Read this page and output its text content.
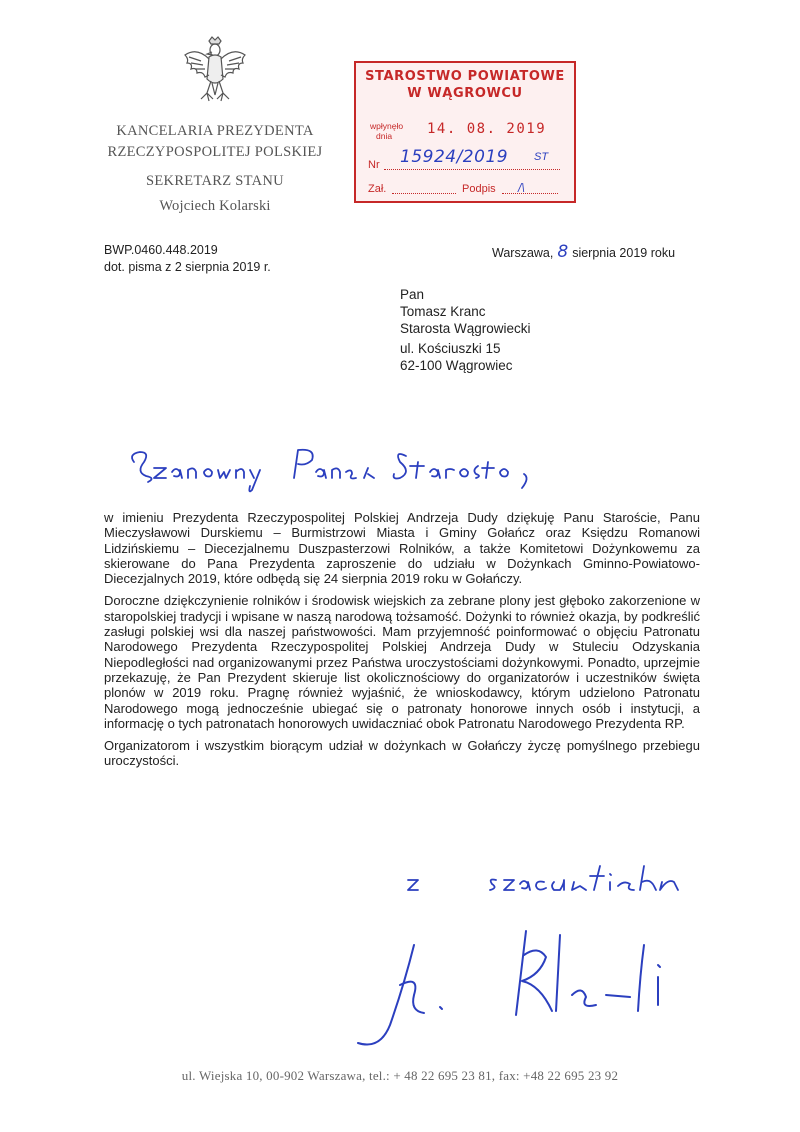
KANCELARIA PREZYDENTA
RZECZYPOSPOLITEJ POLSKIEJ
SEKRETARZ STANU
Wojciech Kolarski
STAROSTWO POWIATOWE
W WĄGROWCU
wpłynęło
dnia 14. 08. 2019
Nr 15924/2019 ST
Zał.	Podpis /\
BWP.0460.448.2019
dot. pisma z 2 sierpnia 2019 r.
Warszawa, 8 sierpnia 2019 roku
Pan
Tomasz Kranc
Starosta Wągrowiecki
ul. Kościuszki 15
62-100 Wągrowiec

w imieniu Prezydenta Rzeczypospolitej Polskiej Andrzeja Dudy dziękuję Panu Staroście, Panu Mieczysławowi Durskiemu – Burmistrzowi Miasta i Gminy Gołańcz oraz Księdzu Romanowi Lidzińskiemu – Diecezjalnemu Duszpasterzowi Rolników, a także Komitetowi Dożynkowemu za skierowane do Pana Prezydenta zaproszenie do udziału w Dożynkach Gminno-Powiatowo-Diecezjalnych 2019, które odbędą się 24 sierpnia 2019 roku w Gołańczy.

Doroczne dziękczynienie rolników i środowisk wiejskich za zebrane plony jest głęboko zakorzenione w staropolskiej tradycji i wpisane w naszą narodową tożsamość. Dożynki to również okazja, by podkreślić zasługi polskiej wsi dla naszej państwowości. Mam przyjemność poinformować o objęciu Patronatu Narodowego Prezydenta Rzeczypospolitej Polskiej Andrzeja Dudy w Stuleciu Odzyskania Niepodległości nad organizowanymi przez Państwa uroczystościami dożynkowymi. Ponadto, uprzejmie przekazuję, że Pan Prezydent skieruje list okolicznościowy do organizatorów i uczestników święta plonów w 2019 roku. Pragnę również wyjaśnić, że wnioskodawcy, którym udzielono Patronatu Narodowego mogą jednocześnie ubiegać się o patronaty honorowe innych osób i instytucji, a informację o tych patronatach honorowych uwidaczniać obok Patronatu Narodowego Prezydenta RP.

Organizatorom i wszystkim biorącym udział w dożynkach w Gołańczy życzę pomyślnego przebiegu uroczystości.

ul. Wiejska 10, 00-902 Warszawa, tel.: + 48 22 695 23 81, fax: +48 22 695 23 92
